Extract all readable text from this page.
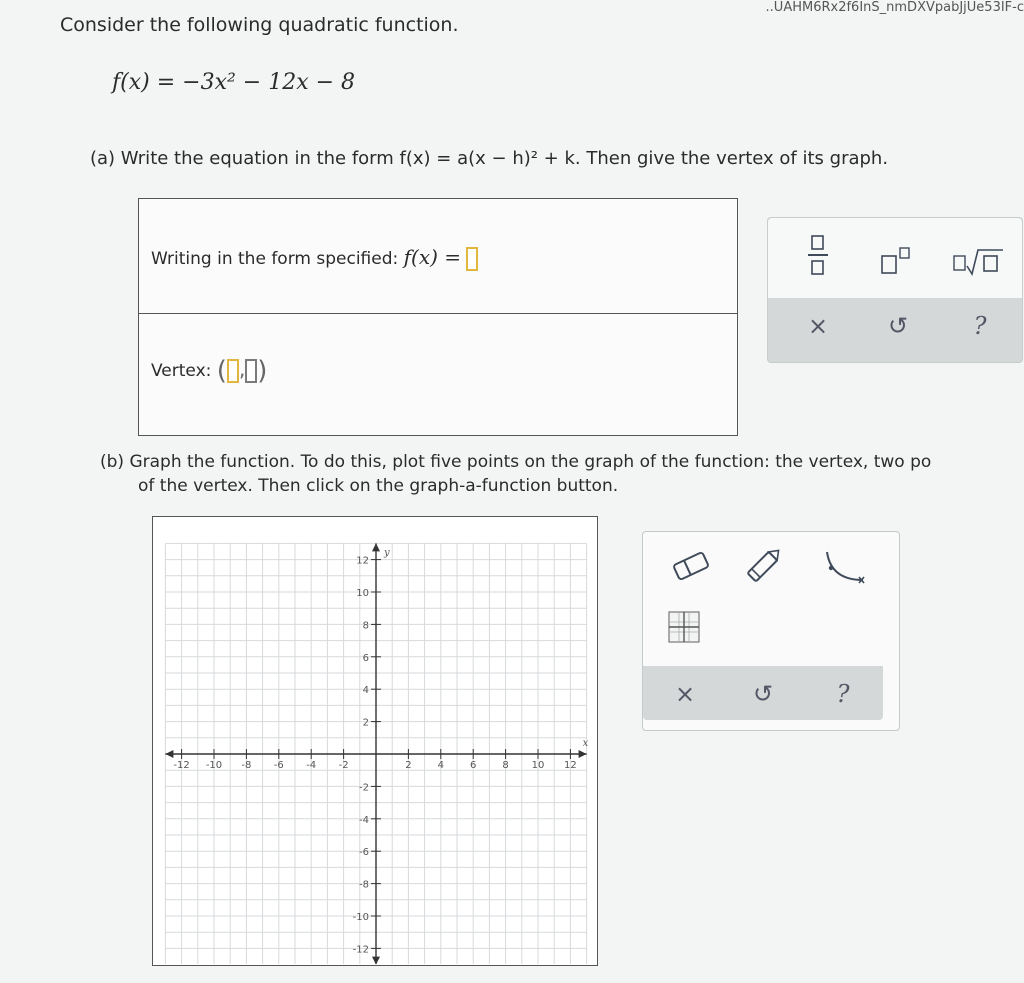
..UAHM6Rx2f6InS_nmDXVpabJjUe53IF-c
Consider the following quadratic function.
f(x) = −3x² − 12x − 8
(a) Write the equation in the form f(x) = a(x − h)² + k. Then give the vertex of its graph.
Writing in the form specified: f(x) =
Vertex: ( , )
× ↺	?
(b) Graph the function. To do this, plot five points on the graph of the function: the vertex, two po
of the vertex. Then click on the graph-a-function button.
-12 -10 -8 -6 -4 -2	2	4	6	8 10 12
12
10
8
6
4
2
-2
-4
-6
-8
-10
-12
x
y
× ↺	?
